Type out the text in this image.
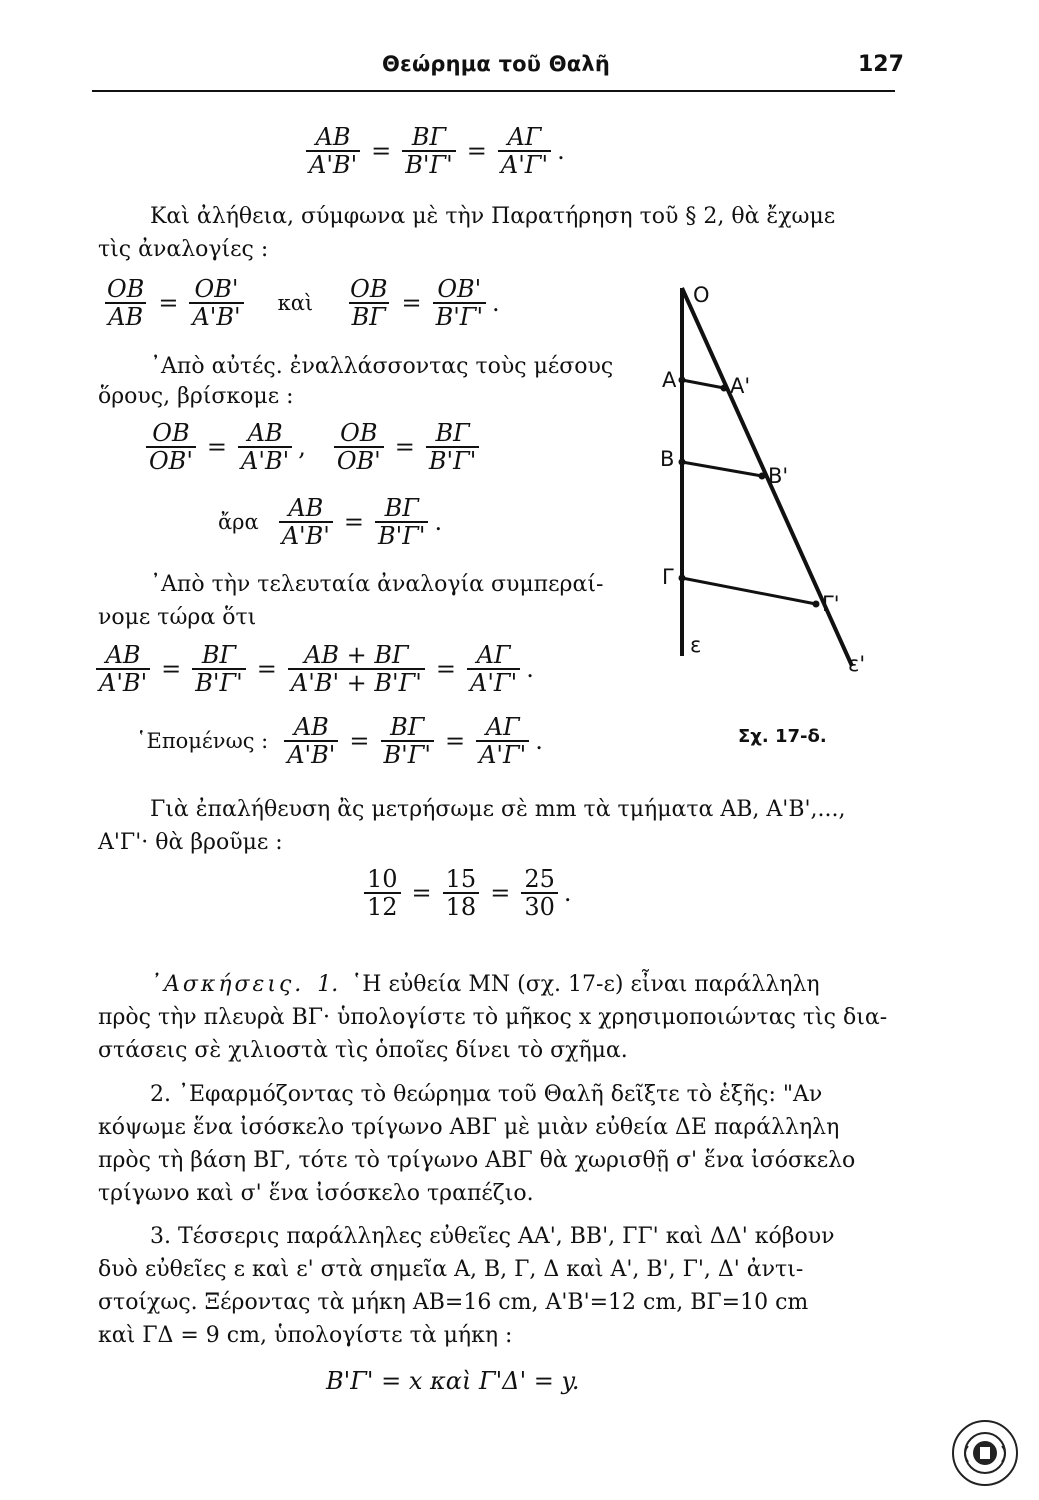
Θεώρημα τοῦ Θαλῆ	127
$\frac{AB}{A'B'} = \frac{B\Gamma}{B'\Gamma'} = \frac{A\Gamma}{A'\Gamma'}$ .
Καὶ ἀλήθεια, σύμφωνα μὲ τὴν Παρατήρηση τοῦ § 2, θὰ ἔχωμε
τὶς ἀναλογίες :
$\frac{OB}{AB} = \frac{OB'}{A'B'}$ καὶ $\frac{OB}{B\Gamma} = \frac{OB'}{B'\Gamma'}$ .
᾿Απὸ αὐτές. ἐναλλάσσοντας τοὺς μέσους
ὅρους, βρίσκομε :
$\frac{OB}{OB'} = \frac{AB}{A'B'}$ , $\frac{OB}{OB'} = \frac{B\Gamma}{B'\Gamma'}$
ἄρα $\frac{AB}{A'B'} = \frac{B\Gamma}{B'\Gamma'}$ .
᾿Απὸ τὴν τελευταία ἀναλογία συμπεραί-
νομε τώρα ὅτι
$\frac{AB}{A'B'} = \frac{B\Gamma}{B'\Gamma'} = \frac{AB + B\Gamma}{A'B' + B'\Gamma'} = \frac{A\Gamma}{A'\Gamma'}$ .
῾Επομένως : $\frac{AB}{A'B'} = \frac{B\Gamma}{B'\Gamma'} = \frac{A\Gamma}{A'\Gamma'}$ .
O
A	A'
B
B'
Γ
Γ'
ε
ε'
Σχ. 17-δ.
Γιὰ ἐπαλήθευση ἂς μετρήσωμε σὲ mm τὰ τμήματα AB, A'B',...,
Α'Γ'· θὰ βροῦμε :
$\frac{10}{12} = \frac{15}{18} = \frac{25}{30}$ .
᾿Ασκήσεις. 1. ῾Η εὐθεία MN (σχ. 17-ε) εἶναι παράλληλη
πρὸς τὴν πλευρὰ ΒΓ· ὑπολογίστε τὸ μῆκος x χρησιμοποιώντας τὶς δια-
στάσεις σὲ χιλιοστὰ τὶς ὁποῖες δίνει τὸ σχῆμα.
2. ᾿Εφαρμόζοντας τὸ θεώρημα τοῦ Θαλῆ δεῖξτε τὸ ἑξῆς: "Αν
κόψωμε ἕνα ἰσόσκελο τρίγωνο ΑΒΓ μὲ μιὰν εὐθεία ΔΕ παράλληλη
πρὸς τὴ βάση ΒΓ, τότε τὸ τρίγωνο ΑΒΓ θὰ χωρισθῇ σ' ἕνα ἰσόσκελο
τρίγωνο καὶ σ' ἕνα ἰσόσκελο τραπέζιο.
3. Τέσσερις παράλληλες εὐθεῖες ΑΑ', ΒΒ', ΓΓ' καὶ ΔΔ' κόβουν
δυὸ εὐθεῖες ε καὶ ε' στὰ σημεῖα Α, Β, Γ, Δ καὶ Α', Β', Γ', Δ' ἀντι-
στοίχως. Ξέροντας τὰ μήκη ΑΒ=16 cm, Α'Β'=12 cm, ΒΓ=10 cm
καὶ ΓΔ = 9 cm, ὑπολογίστε τὰ μήκη :
Β'Γ' = x καὶ Γ'Δ' = y.
